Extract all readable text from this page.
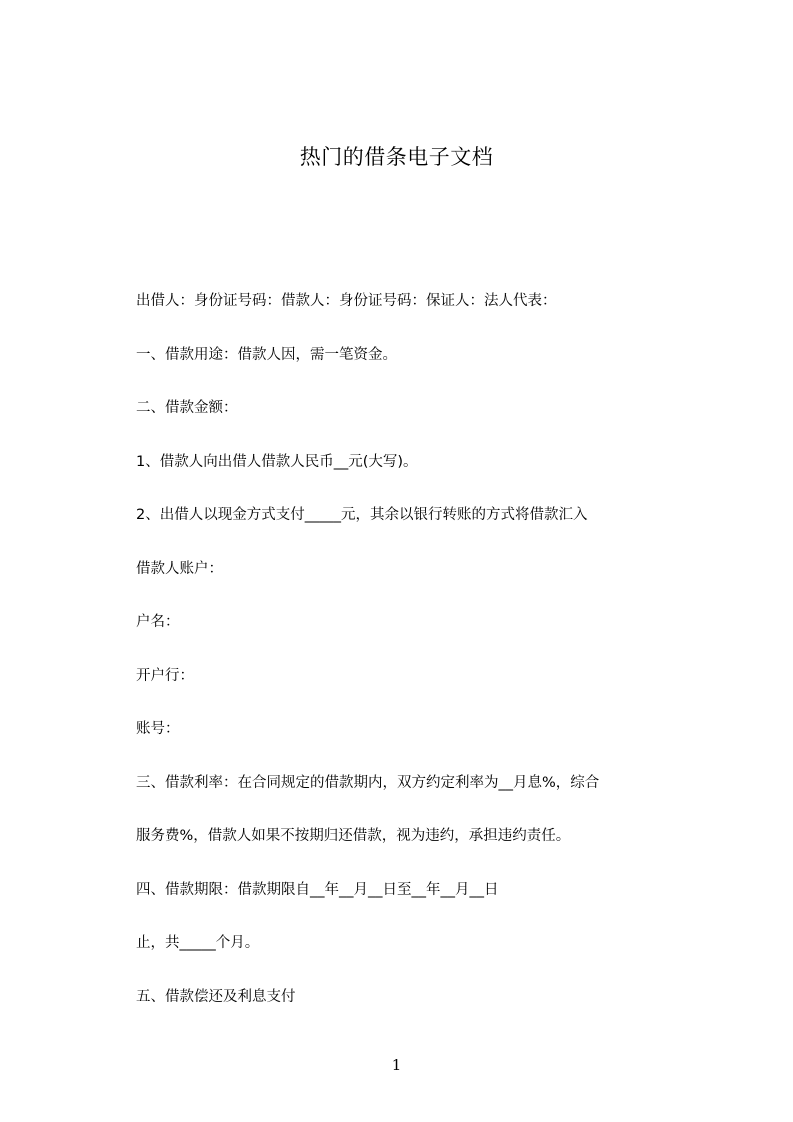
热门的借条电子文档
出借人：身份证号码：借款人：身份证号码：保证人：法人代表：
一、借款用途：借款人因，需一笔资金。
二、借款金额：
1、借款人向出借人借款人民币__元(大写)。
2、出借人以现金方式支付_____元，其余以银行转账的方式将借款汇入
借款人账户：
户名：
开户行：
账号：
三、借款利率：在合同规定的借款期内，双方约定利率为__月息%，综合
服务费%，借款人如果不按期归还借款，视为违约，承担违约责任。
四、借款期限：借款期限自__年__月__日至__年__月__日
止，共_____个月。
五、借款偿还及利息支付
1
